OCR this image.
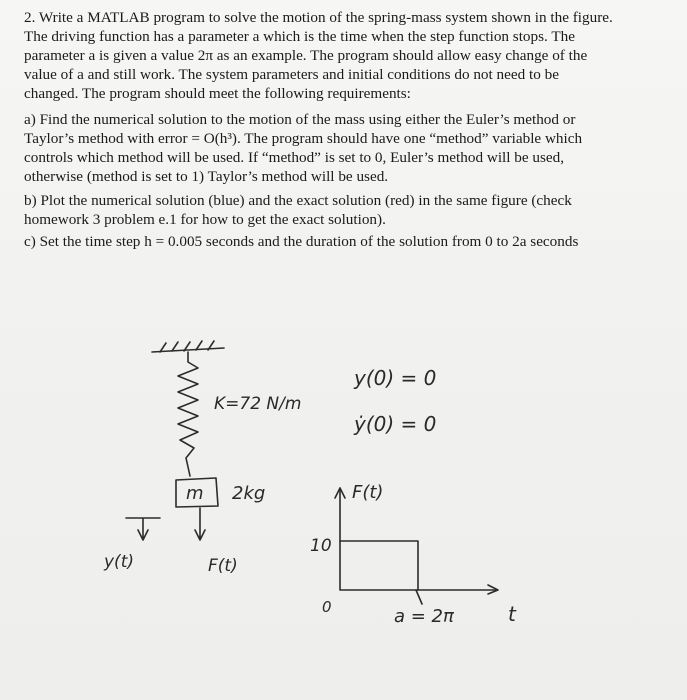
2. Write a MATLAB program to solve the motion of the spring-mass system shown in the figure.
The driving function has a parameter a which is the time when the step function stops. The
parameter a is given a value 2π as an example. The program should allow easy change of the
value of a and still work. The system parameters and initial conditions do not need to be
changed. The program should meet the following requirements:
a) Find the numerical solution to the motion of the mass using either the Euler’s method or
Taylor’s method with error = O(h³). The program should have one “method” variable which
controls which method will be used. If “method” is set to 0, Euler’s method will be used,
otherwise (method is set to 1) Taylor’s method will be used.
b) Plot the numerical solution (blue) and the exact solution (red) in the same figure (check
homework 3 problem e.1 for how to get the exact solution).
c) Set the time step h = 0.005 seconds and the duration of the solution from 0 to 2a seconds
K=72 N/m
m 2kg
y(t)	F(t)
y(0) = 0
ẏ(0) = 0
F(t)
10
0	a = 2π	t
